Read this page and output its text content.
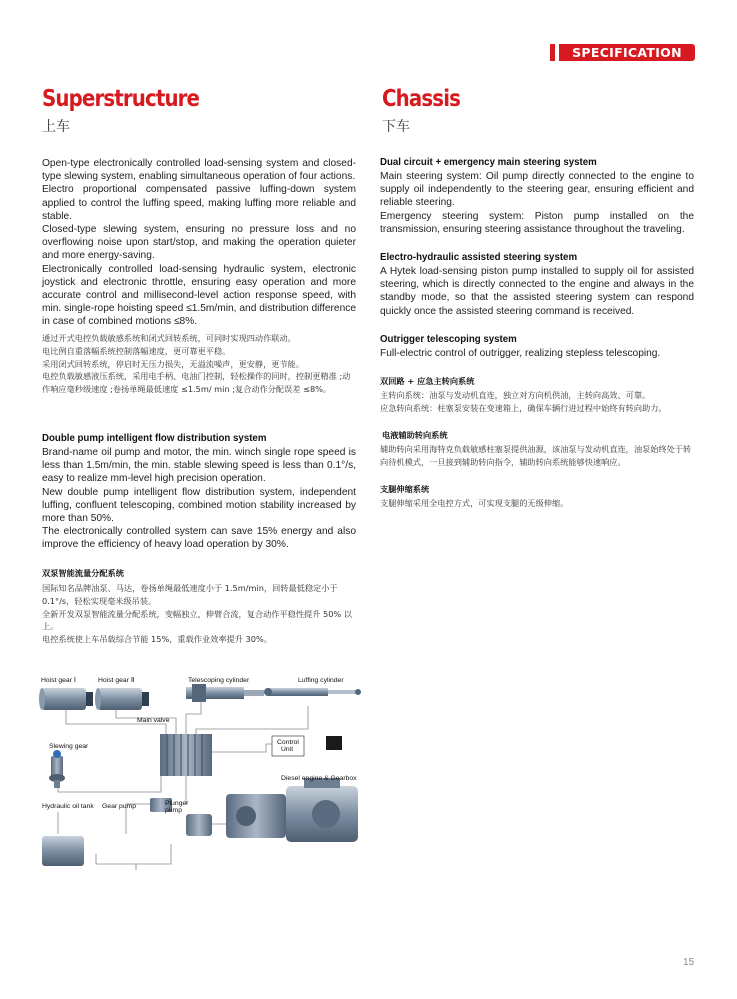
SPECIFICATION
Superstructure
上车

Open-type electronically controlled load-sensing system and closed-type slewing system, enabling simultaneous operation of four actions.

Electro proportional compensated passive luffing-down system applied to control the luffing speed, making luffing more reliable and stable.

Closed-type slewing system, ensuring no pressure loss and no overflowing noise upon start/stop, and making the operation quieter and more energy-saving.

Electronically controlled load-sensing hydraulic system, electronic joystick and electronic throttle, ensuring easy operation and more accurate control and millisecond-level action response speed, with min. single-rope hoisting speed ≤1.5m/min, and distribution difference in case of combined motions ≤8%.

通过开式电控负载敏感系统和闭式回转系统，可同时实现四动作联动。

电比例自重落幅系统控制落幅速度，更可靠更平稳。

采用闭式回转系统，停启时无压力损失，无溢流噪声，更安静，更节能。

电控负载敏感液压系统，采用电手柄、电油门控制，轻松操作的同时，控制更精准 ;动作响应毫秒级速度 ;卷扬单绳最低速度 ≤1.5m/ min ;复合动作分配误差 ≤8%。

Double pump intelligent flow distribution system

Brand-name oil pump and motor, the min. winch single rope speed is less than 1.5m/min, the min. stable slewing speed is less than 0.1°/s, easy to realize mm-level high precision operation.

New double pump intelligent flow distribution system, independent luffing, confluent telescoping, combined motion stability increased by more than 50%.

The electronically controlled system can save 15% energy and also improve the efficiency of heavy load operation by 30%.

双泵智能流量分配系统

国际知名品牌油泵、马达，卷扬单绳最低速度小于 1.5m/min，回转最低稳定小于 0.1°/s，轻松实现毫米级吊装。

全新开发双泵智能流量分配系统，变幅独立，伸臂合流，复合动作平稳性提升 50% 以上。

电控系统使上车吊载综合节能 15%，重载作业效率提升 30%。

Chassis
下车
Dual circuit + emergency main steering system

Main steering system: Oil pump directly connected to the engine to supply oil independently to the steering gear, ensuring efficient and reliable steering.

Emergency steering system: Piston pump installed on the transmission, ensuring steering assistance throughout the traveling.

Electro-hydraulic assisted steering system

A Hytek load-sensing piston pump installed to supply oil for assisted steering, which is directly connected to the engine and always in the standby mode, so that the assisted steering system can respond quickly once the assisted steering command is received.

Outrigger telescoping system

Full-electric control of outrigger, realizing stepless telescoping.

双回路 + 应急主转向系统

主转向系统：油泵与发动机直连，独立对方向机供油，主转向高效、可靠。

应急转向系统：柱塞泵安装在变速箱上，确保车辆行进过程中始终有转向助力。

电液辅助转向系统

辅助转向采用海特克负载敏感柱塞泵提供油源，该油泵与发动机直连，油泵始终处于转向待机模式，一旦接到辅助转向指令，辅助转向系统能够快速响应。

支腿伸缩系统

支腿伸缩采用全电控方式，可实现支腿的无级伸缩。

Hoist gear Ⅰ	Hoist gear Ⅱ	Telescoping cylinder	Luffing cylinder
Main valve
Control
Unit
Slewing gear
Diesel engine & Gearbox
Hydraulic oil tank Gear pump	Plunger
pump
15
